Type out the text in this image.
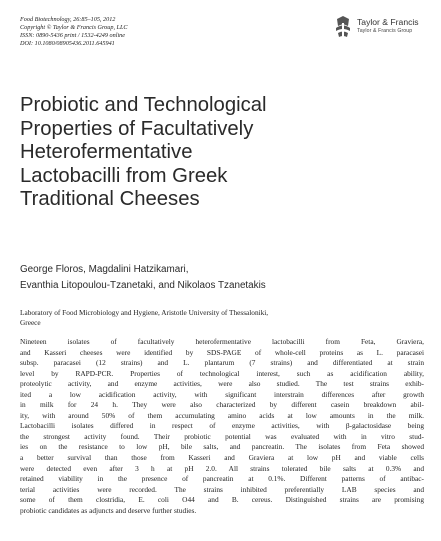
Food Biotechnology, 26:85–105, 2012
Copyright © Taylor & Francis Group, LLC
ISSN: 0890-5436 print / 1532-4249 online
DOI: 10.1080/08905436.2011.645941
Taylor & Francis
Taylor & Francis Group
Probiotic and Technological
Properties of Facultatively
Heterofermentative
Lactobacilli from Greek
Traditional Cheeses
George Floros, Magdalini Hatzikamari,
Evanthia Litopoulou-Tzanetaki, and Nikolaos Tzanetakis
Laboratory of Food Microbiology and Hygiene, Aristotle University of Thessaloniki,
Greece
Nineteen isolates of facultatively heterofermentative lactobacilli from Feta, Graviera,
and Kasseri cheeses were identified by SDS-PAGE of whole-cell proteins as L. paracasei
subsp. paracasei (12 strains) and L. plantarum (7 strains) and differentiated at strain
level by RAPD-PCR. Properties of technological interest, such as acidification ability,
proteolytic activity, and enzyme activities, were also studied. The test strains exhib-
ited a low acidification activity, with significant interstrain differences after growth
in milk for 24 h. They were also characterized by different casein breakdown abil-
ity, with around 50% of them accumulating amino acids at low amounts in the milk.
Lactobacilli isolates differed in respect of enzyme activities, with β-galactosidase being
the strongest activity found. Their probiotic potential was evaluated with in vitro stud-
ies on the resistance to low pH, bile salts, and pancreatin. The isolates from Feta showed
a better survival than those from Kasseri and Graviera at low pH and viable cells
were detected even after 3 h at pH 2.0. All strains tolerated bile salts at 0.3% and
retained viability in the presence of pancreatin at 0.1%. Different patterns of antibac-
terial activities were recorded. The strains inhibited preferentially LAB species and
some of them clostridia, E. coli O44 and B. cereus. Distinguished strains are promising
probiotic candidates as adjuncts and deserve further studies.
